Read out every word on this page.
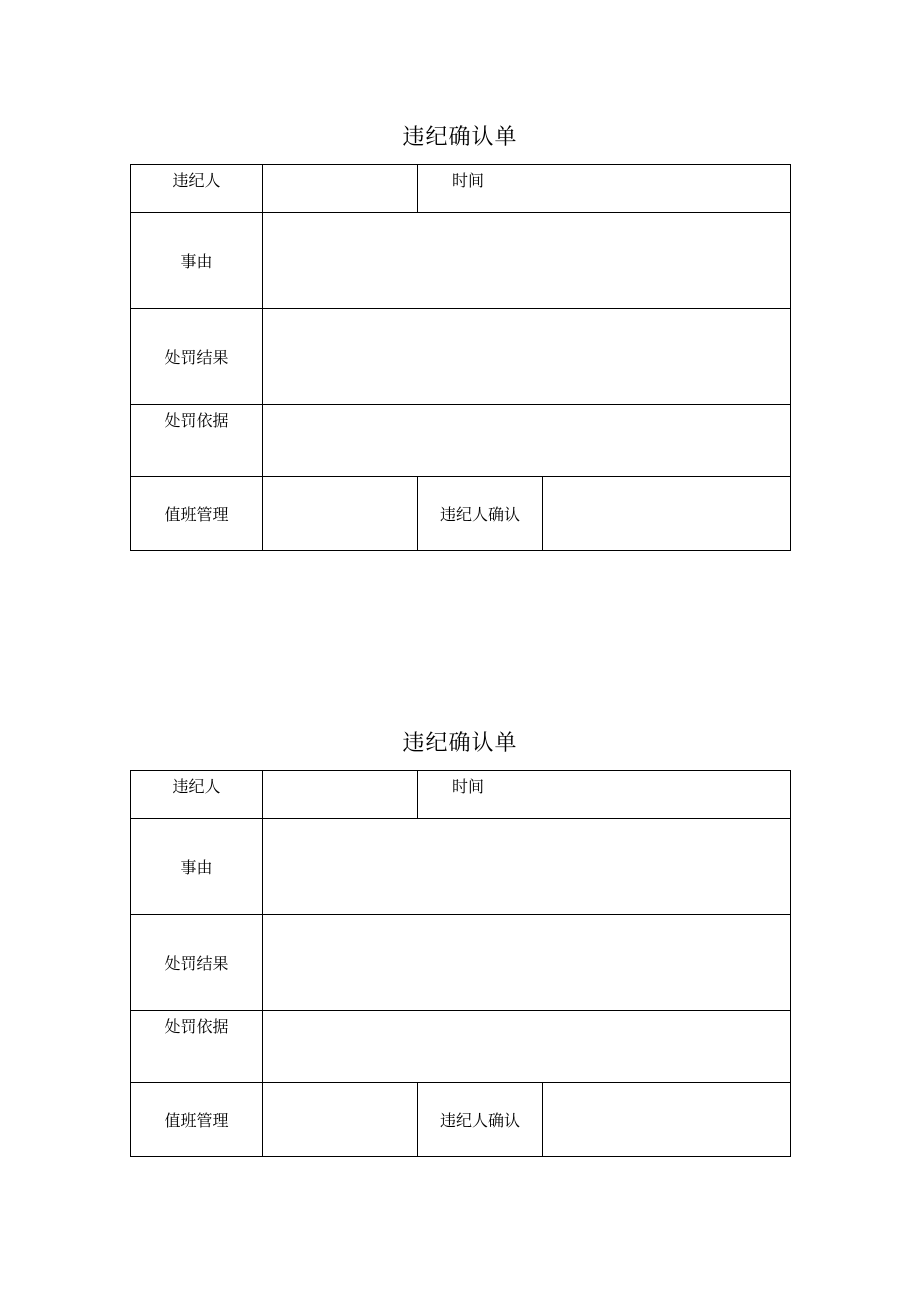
违纪确认单
违纪人		时间	
事由			
处罚结果			
处罚依据			
值班管理		违纪人确认	
违纪确认单
违纪人		时间	
事由			
处罚结果			
处罚依据			
值班管理		违纪人确认	
